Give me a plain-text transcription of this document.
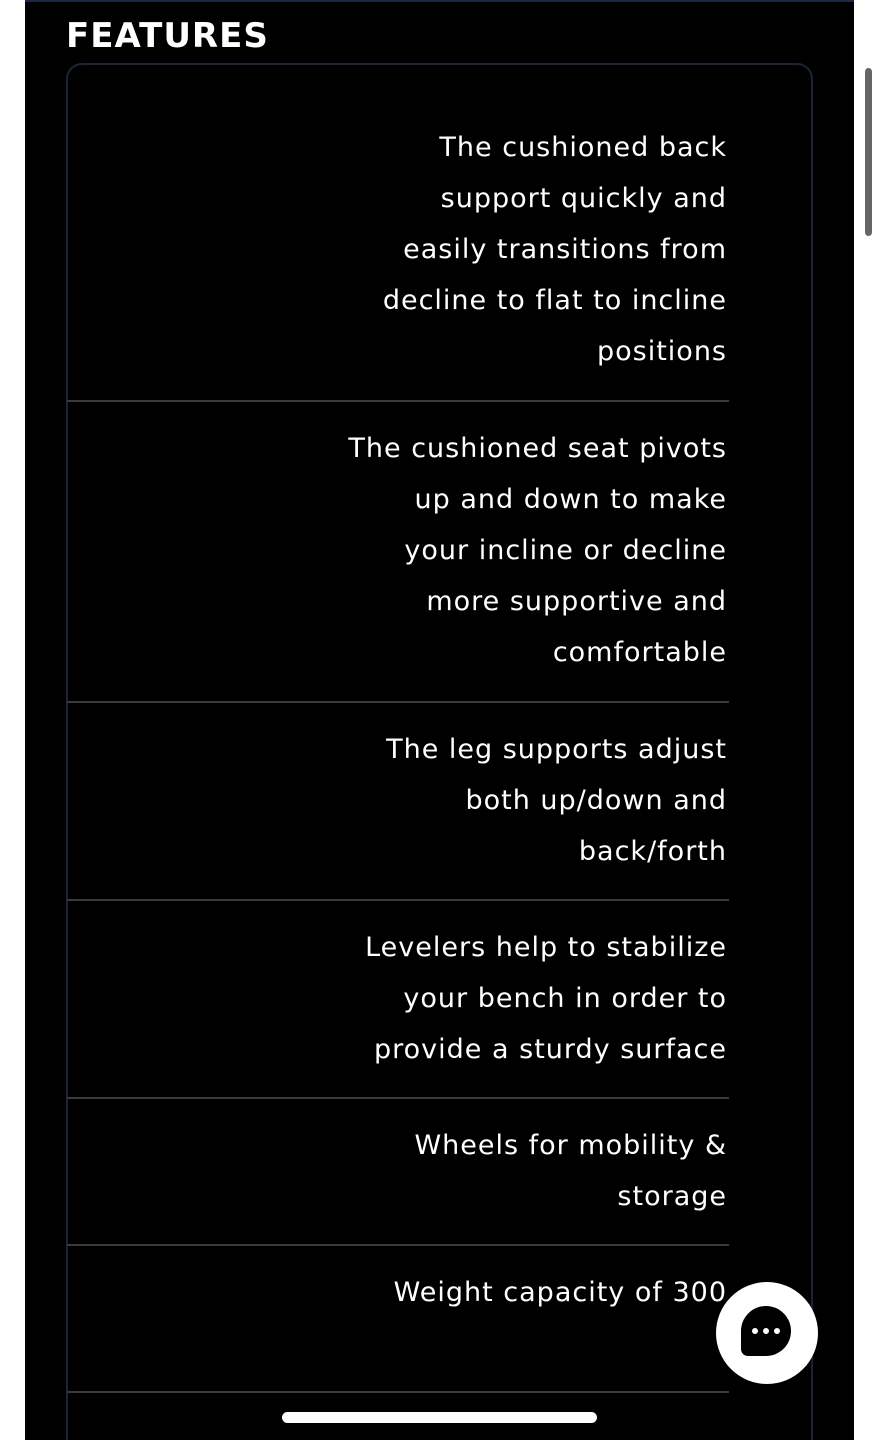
FEATURES
The cushioned back support quickly and easily transitions from decline to flat to incline positions
The cushioned seat pivots up and down to make your incline or decline more supportive and comfortable
The leg supports adjust both up/down and back/forth
Levelers help to stabilize your bench in order to provide a sturdy surface
Wheels for mobility & storage
Weight capacity of 300
